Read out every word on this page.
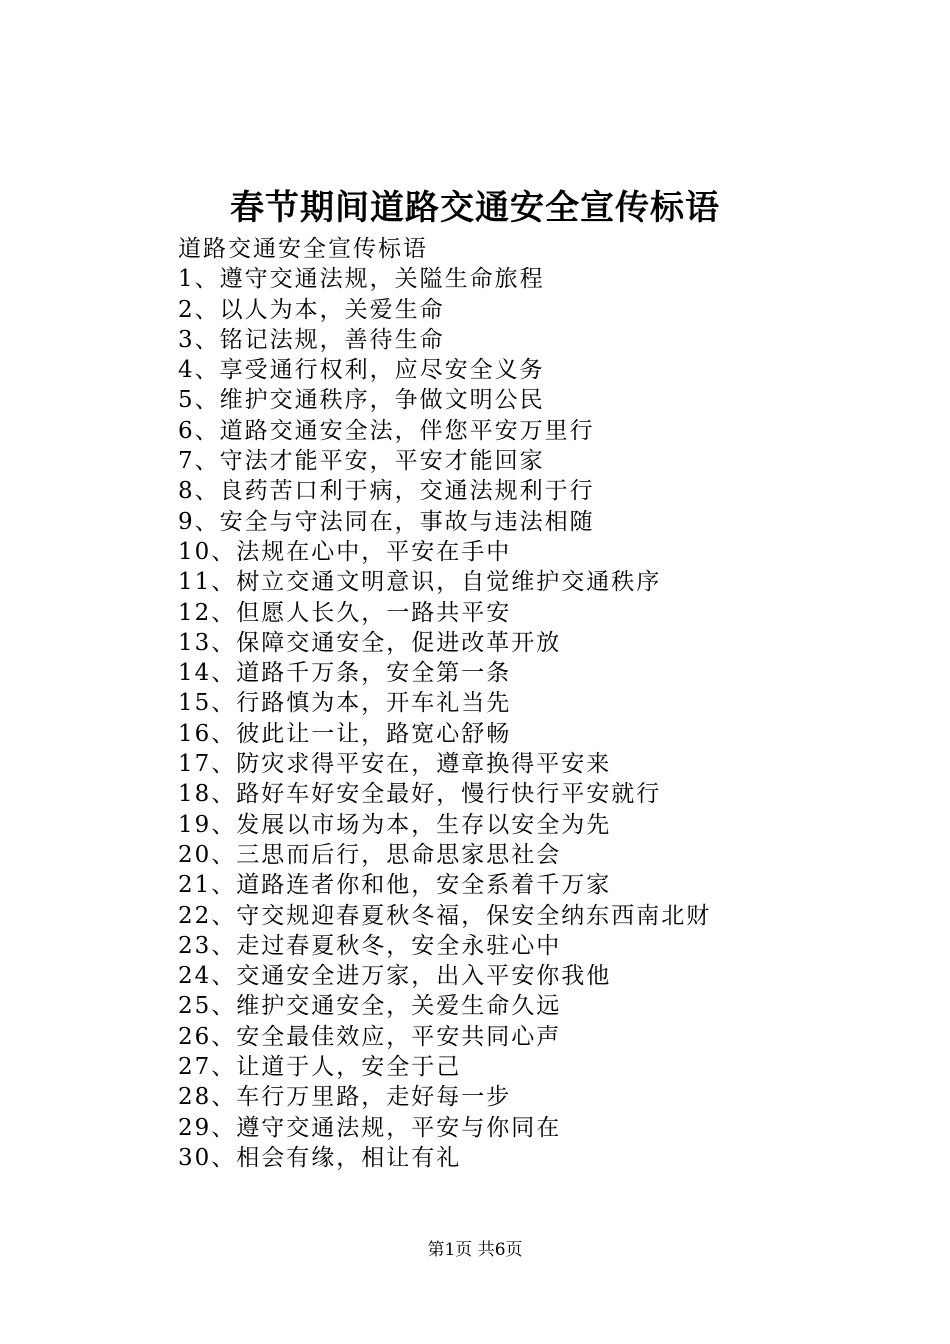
春节期间道路交通安全宣传标语
道路交通安全宣传标语
1、遵守交通法规，关隘生命旅程
2、以人为本，关爱生命
3、铭记法规，善待生命
4、享受通行权利，应尽安全义务
5、维护交通秩序，争做文明公民
6、道路交通安全法，伴您平安万里行
7、守法才能平安，平安才能回家
8、良药苦口利于病，交通法规利于行
9、安全与守法同在，事故与违法相随
10、法规在心中，平安在手中
11、树立交通文明意识，自觉维护交通秩序
12、但愿人长久，一路共平安
13、保障交通安全，促进改革开放
14、道路千万条，安全第一条
15、行路慎为本，开车礼当先
16、彼此让一让，路宽心舒畅
17、防灾求得平安在，遵章换得平安来
18、路好车好安全最好，慢行快行平安就行
19、发展以市场为本，生存以安全为先
20、三思而后行，思命思家思社会
21、道路连者你和他，安全系着千万家
22、守交规迎春夏秋冬福，保安全纳东西南北财
23、走过春夏秋冬，安全永驻心中
24、交通安全进万家，出入平安你我他
25、维护交通安全，关爱生命久远
26、安全最佳效应，平安共同心声
27、让道于人，安全于己
28、车行万里路，走好每一步
29、遵守交通法规，平安与你同在
30、相会有缘，相让有礼
第1页 共6页
